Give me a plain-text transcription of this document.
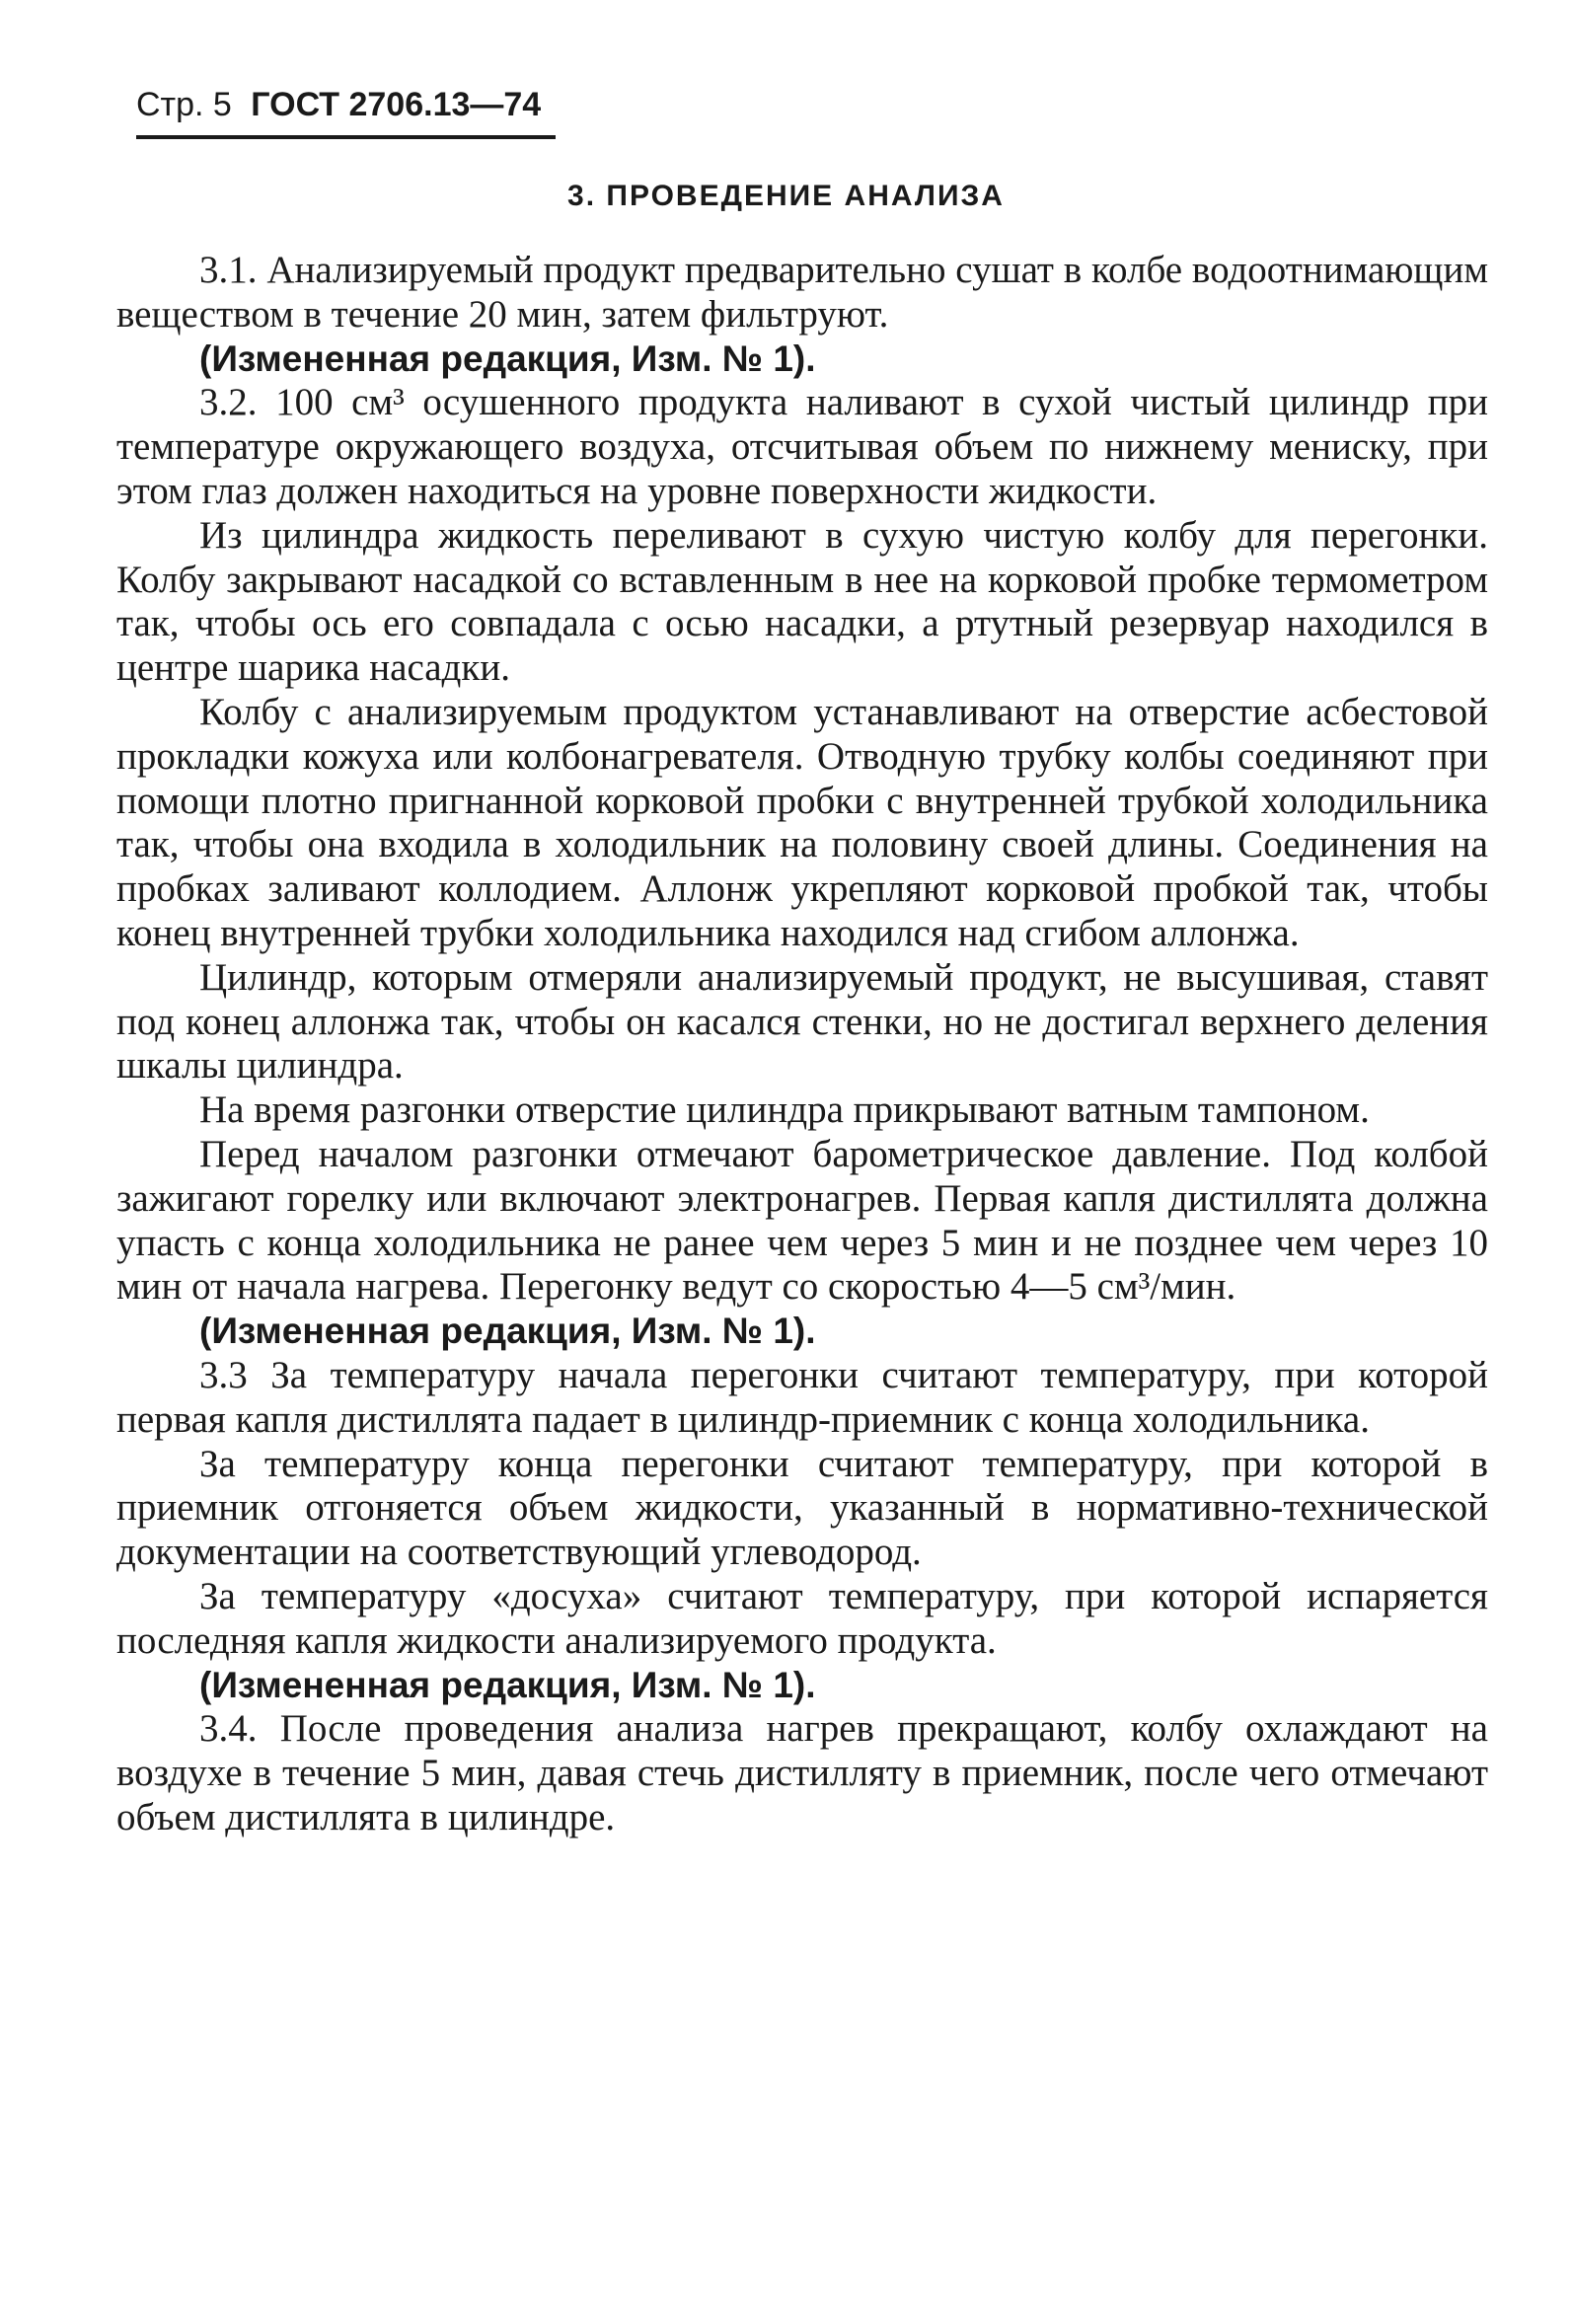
Стр. 5 ГОСТ 2706.13—74
3. ПРОВЕДЕНИЕ АНАЛИЗА

3.1. Анализируемый продукт предварительно сушат в колбе водоотнимающим веществом в течение 20 мин, затем фильтруют.

(Измененная редакция, Изм. № 1).

3.2. 100 см³ осушенного продукта наливают в сухой чистый цилиндр при температуре окружающего воздуха, отсчитывая объем по нижнему мениску, при этом глаз должен находиться на уровне поверхности жидкости.

Из цилиндра жидкость переливают в сухую чистую колбу для перегонки. Колбу закрывают насадкой со вставленным в нее на корковой пробке термометром так, чтобы ось его совпадала с осью насадки, а ртутный резервуар находился в центре шарика насадки.

Колбу с анализируемым продуктом устанавливают на отверстие асбестовой прокладки кожуха или колбонагревателя. Отводную трубку колбы соединяют при помощи плотно пригнанной корковой пробки с внутренней трубкой холодильника так, чтобы она входила в холодильник на половину своей длины. Соединения на пробках заливают коллодием. Аллонж укрепляют корковой пробкой так, чтобы конец внутренней трубки холодильника находился над сгибом аллонжа.

Цилиндр, которым отмеряли анализируемый продукт, не высушивая, ставят под конец аллонжа так, чтобы он касался стенки, но не достигал верхнего деления шкалы цилиндра.

На время разгонки отверстие цилиндра прикрывают ватным тампоном.

Перед началом разгонки отмечают барометрическое давление. Под колбой зажигают горелку или включают электронагрев. Первая капля дистиллята должна упасть с конца холодильника не ранее чем через 5 мин и не позднее чем через 10 мин от начала нагрева. Перегонку ведут со скоростью 4—5 см³/мин.

(Измененная редакция, Изм. № 1).

3.3 За температуру начала перегонки считают температуру, при которой первая капля дистиллята падает в цилиндр-приемник с конца холодильника.

За температуру конца перегонки считают температуру, при которой в приемник отгоняется объем жидкости, указанный в нормативно-технической документации на соответствующий углеводород.

За температуру «досуха» считают температуру, при которой испаряется последняя капля жидкости анализируемого продукта.

(Измененная редакция, Изм. № 1).

3.4. После проведения анализа нагрев прекращают, колбу охлаждают на воздухе в течение 5 мин, давая стечь дистилляту в приемник, после чего отмечают объем дистиллята в цилиндре.
